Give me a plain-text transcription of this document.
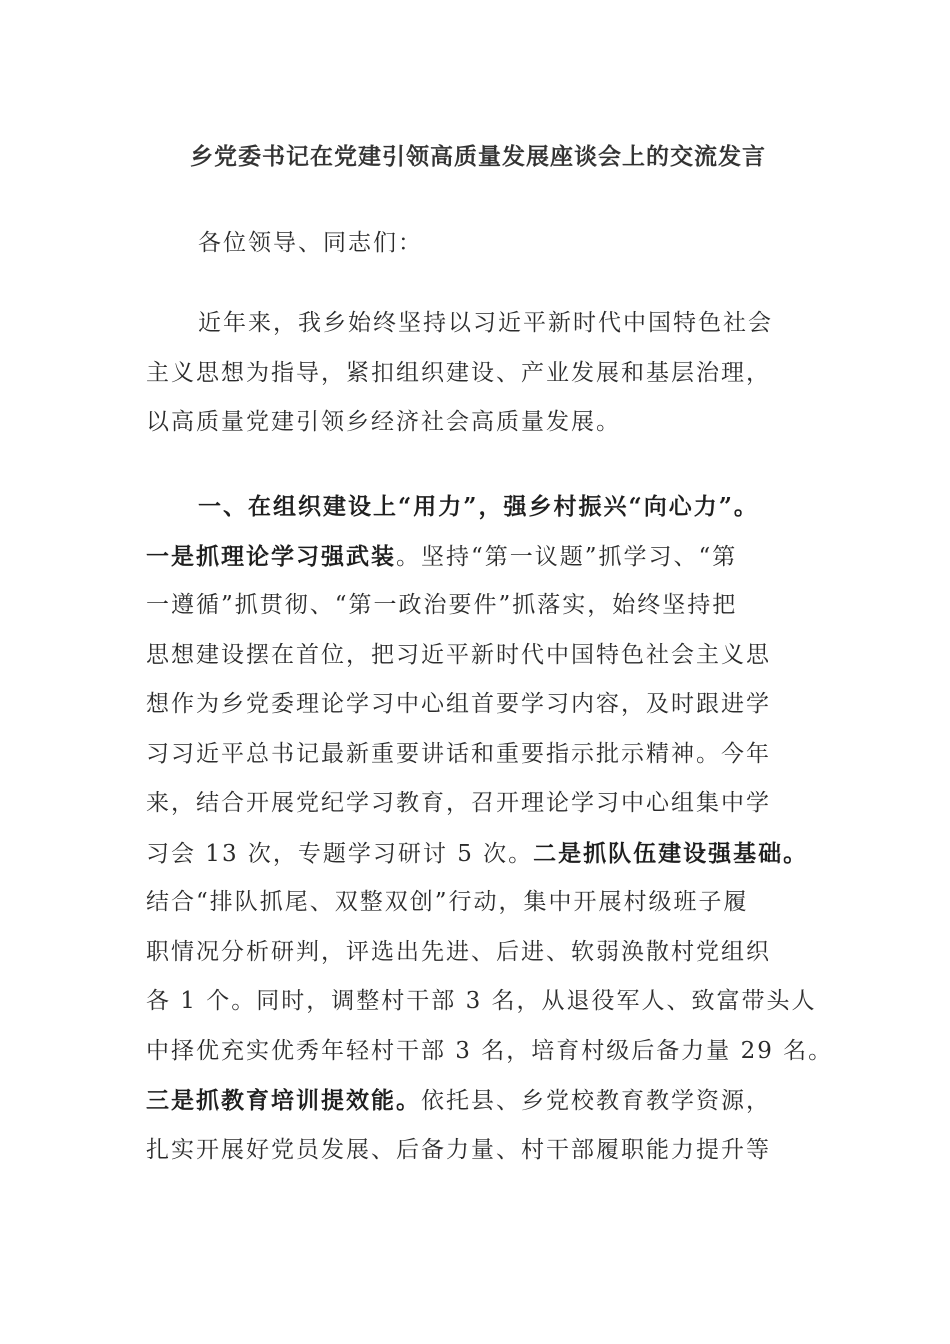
乡党委书记在党建引领高质量发展座谈会上的交流发言
各位领导、同志们：
近年来，我乡始终坚持以习近平新时代中国特色社会
主义思想为指导，紧扣组织建设、产业发展和基层治理，
以高质量党建引领乡经济社会高质量发展。
一、在组织建设上“用力”，强乡村振兴“向心力”。
一是抓理论学习强武装。坚持“第一议题”抓学习、“第
一遵循”抓贯彻、“第一政治要件”抓落实，始终坚持把
思想建设摆在首位，把习近平新时代中国特色社会主义思
想作为乡党委理论学习中心组首要学习内容，及时跟进学
习习近平总书记最新重要讲话和重要指示批示精神。今年
来，结合开展党纪学习教育，召开理论学习中心组集中学
习会 13 次，专题学习研讨 5 次。二是抓队伍建设强基础。
结合“排队抓尾、双整双创”行动，集中开展村级班子履
职情况分析研判，评选出先进、后进、软弱涣散村党组织
各 1 个。同时，调整村干部 3 名，从退役军人、致富带头人
中择优充实优秀年轻村干部 3 名，培育村级后备力量 29 名。
三是抓教育培训提效能。依托县、乡党校教育教学资源，
扎实开展好党员发展、后备力量、村干部履职能力提升等
